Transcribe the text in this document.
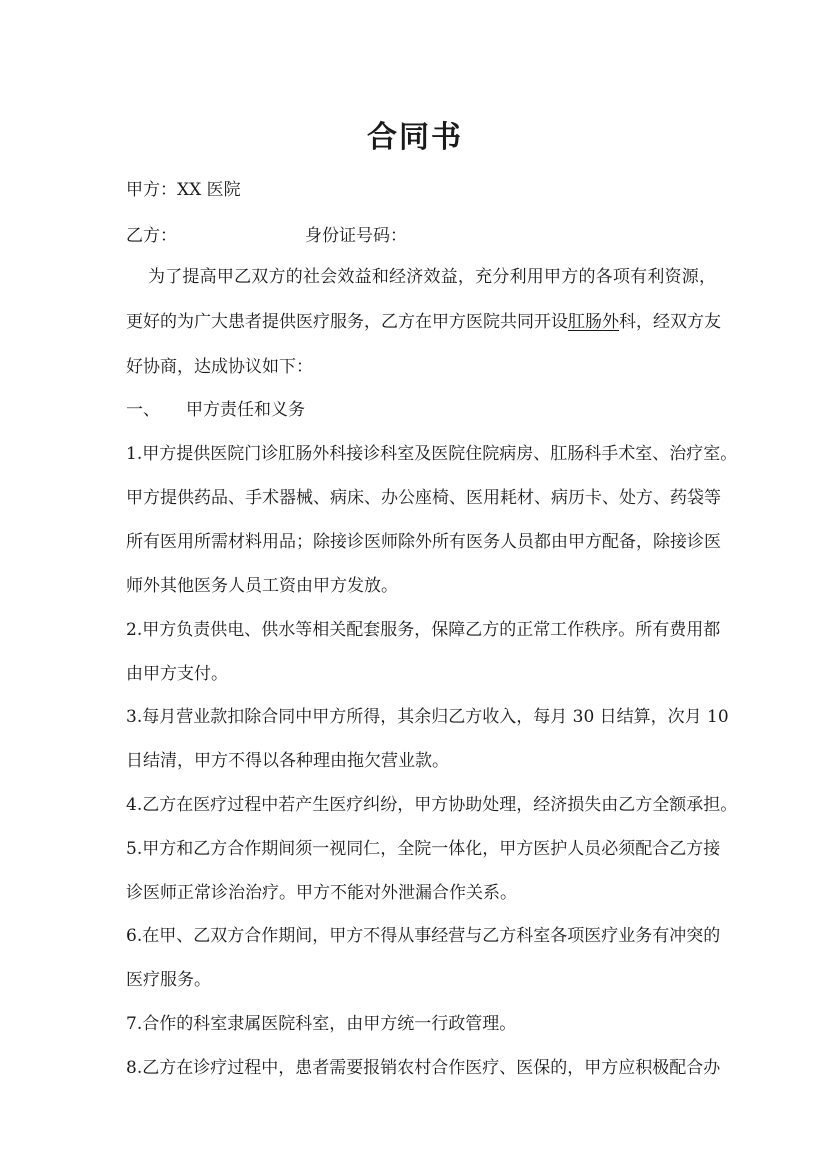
合同书

甲方：XX 医院

乙方：	身份证号码：

为了提高甲乙双方的社会效益和经济效益，充分利用甲方的各项有利资源，

更好的为广大患者提供医疗服务，乙方在甲方医院共同开设肛肠外科，经双方友

好协商，达成协议如下：

一、 甲方责任和义务

1.甲方提供医院门诊肛肠外科接诊科室及医院住院病房、肛肠科手术室、治疗室。

甲方提供药品、手术器械、病床、办公座椅、医用耗材、病历卡、处方、药袋等

所有医用所需材料用品；除接诊医师除外所有医务人员都由甲方配备，除接诊医

师外其他医务人员工资由甲方发放。

2.甲方负责供电、供水等相关配套服务，保障乙方的正常工作秩序。所有费用都

由甲方支付。

3.每月营业款扣除合同中甲方所得，其余归乙方收入，每月 30 日结算，次月 10

日结清，甲方不得以各种理由拖欠营业款。

4.乙方在医疗过程中若产生医疗纠纷，甲方协助处理，经济损失由乙方全额承担。

5.甲方和乙方合作期间须一视同仁，全院一体化，甲方医护人员必须配合乙方接

诊医师正常诊治治疗。甲方不能对外泄漏合作关系。

6.在甲、乙双方合作期间，甲方不得从事经营与乙方科室各项医疗业务有冲突的

医疗服务。

7.合作的科室隶属医院科室，由甲方统一行政管理。

8.乙方在诊疗过程中，患者需要报销农村合作医疗、医保的，甲方应积极配合办
